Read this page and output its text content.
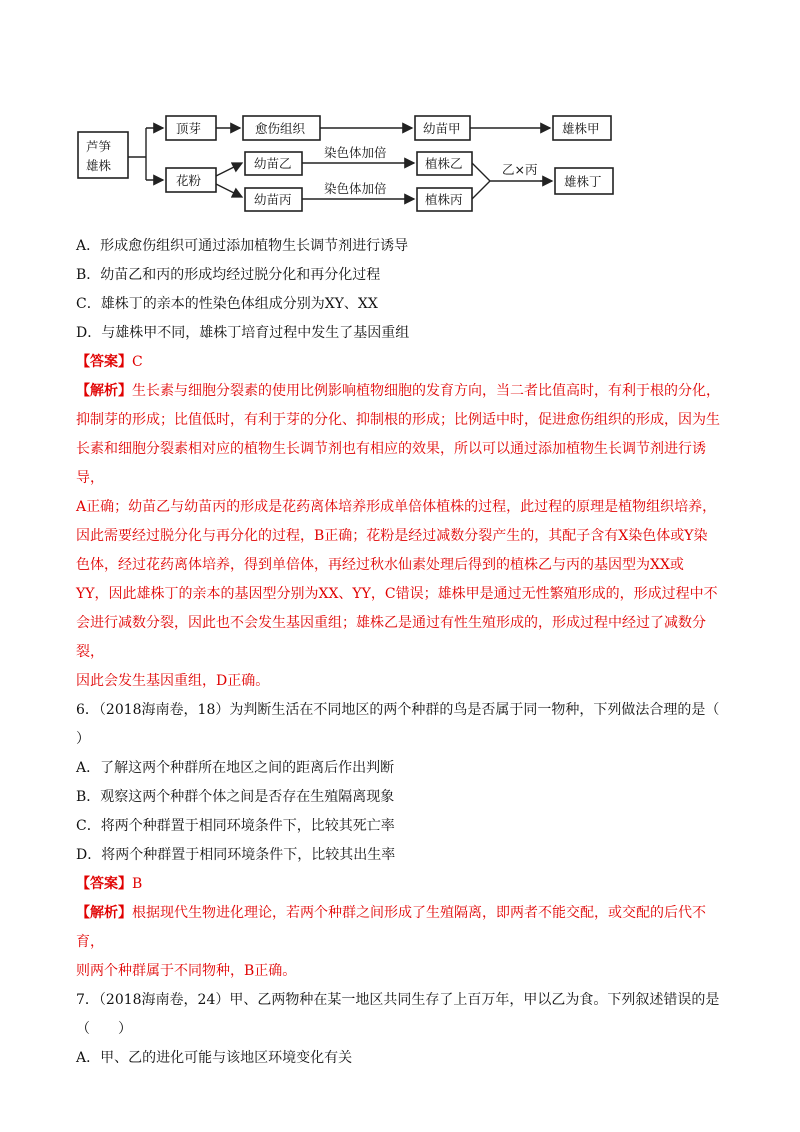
染色体加倍
染色体加倍
乙×丙
芦笋
雄株
顶芽	愈伤组织	幼苗甲	雄株甲
花粉
幼苗乙
幼苗丙
植株乙
植株丙
雄株丁
A．形成愈伤组织可通过添加植物生长调节剂进行诱导
B．幼苗乙和丙的形成均经过脱分化和再分化过程
C．雄株丁的亲本的性染色体组成分别为XY、XX
D．与雄株甲不同，雄株丁培育过程中发生了基因重组
【答案】C
【解析】生长素与细胞分裂素的使用比例影响植物细胞的发育方向，当二者比值高时，有利于根的分化，
抑制芽的形成；比值低时，有利于芽的分化、抑制根的形成；比例适中时，促进愈伤组织的形成，因为生
长素和细胞分裂素相对应的植物生长调节剂也有相应的效果，所以可以通过添加植物生长调节剂进行诱导，
A正确；幼苗乙与幼苗丙的形成是花药离体培养形成单倍体植株的过程，此过程的原理是植物组织培养，
因此需要经过脱分化与再分化的过程，B正确；花粉是经过减数分裂产生的，其配子含有X染色体或Y染
色体，经过花药离体培养，得到单倍体，再经过秋水仙素处理后得到的植株乙与丙的基因型为XX或
YY，因此雄株丁的亲本的基因型分别为XX、YY，C错误；雄株甲是通过无性繁殖形成的，形成过程中不
会进行减数分裂，因此也不会发生基因重组；雄株乙是通过有性生殖形成的，形成过程中经过了减数分裂，
因此会发生基因重组，D正确。
6．（2018海南卷，18）为判断生活在不同地区的两个种群的鸟是否属于同一物种，下列做法合理的是（
）
A．了解这两个种群所在地区之间的距离后作出判断
B．观察这两个种群个体之间是否存在生殖隔离现象
C．将两个种群置于相同环境条件下，比较其死亡率
D．将两个种群置于相同环境条件下，比较其出生率
【答案】B
【解析】根据现代生物进化理论，若两个种群之间形成了生殖隔离，即两者不能交配，或交配的后代不育，
则两个种群属于不同物种，B正确。
7．（2018海南卷，24）甲、乙两物种在某一地区共同生存了上百万年，甲以乙为食。下列叙述错误的是
（　　）
A．甲、乙的进化可能与该地区环境变化有关
